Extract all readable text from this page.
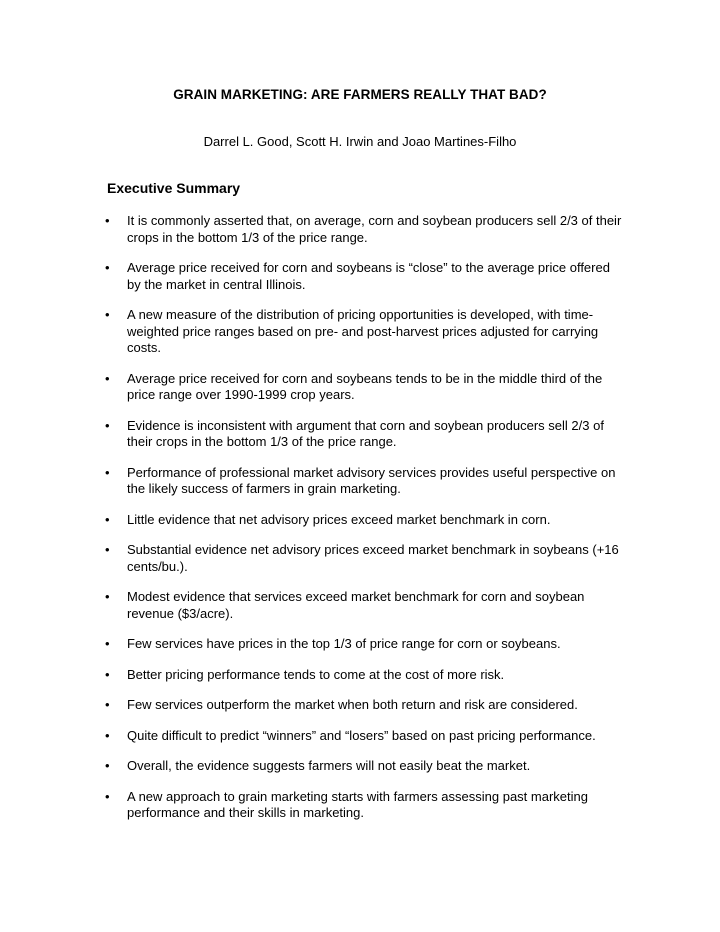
GRAIN MARKETING: ARE FARMERS REALLY THAT BAD?
Darrel L. Good, Scott H. Irwin and Joao Martines-Filho
Executive Summary
• It is commonly asserted that, on average, corn and soybean producers sell 2/3 of their crops in the bottom 1/3 of the price range.
• Average price received for corn and soybeans is “close” to the average price offered by the market in central Illinois.
• A new measure of the distribution of pricing opportunities is developed, with time-weighted price ranges based on pre- and post-harvest prices adjusted for carrying costs.
• Average price received for corn and soybeans tends to be in the middle third of the price range over 1990-1999 crop years.
• Evidence is inconsistent with argument that corn and soybean producers sell 2/3 of their crops in the bottom 1/3 of the price range.
• Performance of professional market advisory services provides useful perspective on the likely success of farmers in grain marketing.
• Little evidence that net advisory prices exceed market benchmark in corn.
• Substantial evidence net advisory prices exceed market benchmark in soybeans (+16 cents/bu.).
• Modest evidence that services exceed market benchmark for corn and soybean revenue ($3/acre).
• Few services have prices in the top 1/3 of price range for corn or soybeans.
• Better pricing performance tends to come at the cost of more risk.
• Few services outperform the market when both return and risk are considered.
• Quite difficult to predict “winners” and “losers” based on past pricing performance.
• Overall, the evidence suggests farmers will not easily beat the market.
• A new approach to grain marketing starts with farmers assessing past marketing performance and their skills in marketing.
